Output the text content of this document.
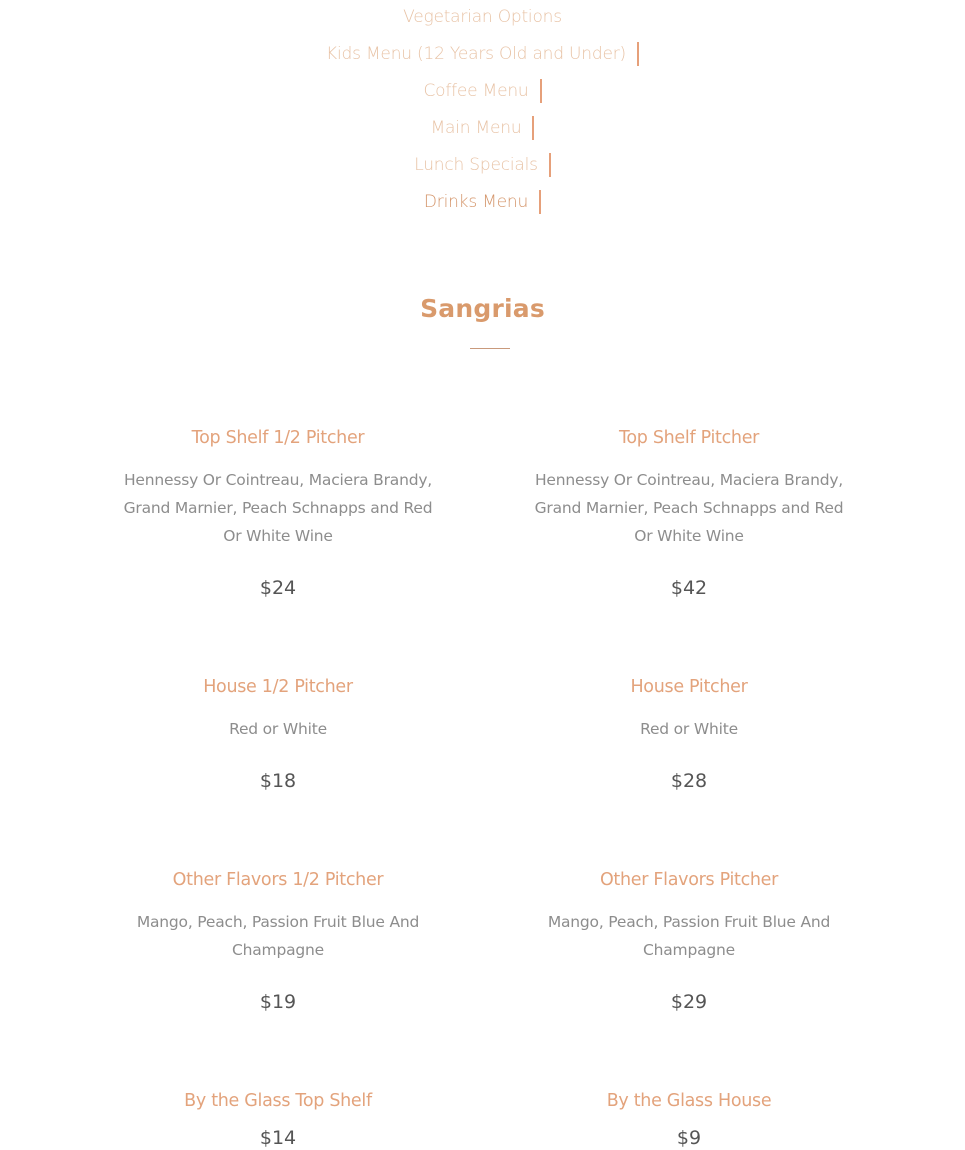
Vegetarian Options
Kids Menu (12 Years Old and Under)
Coffee Menu
Main Menu
Lunch Specials
Drinks Menu
Sangrias
Top Shelf 1/2 Pitcher
Hennessy Or Cointreau, Maciera Brandy, Grand Marnier, Peach Schnapps and Red Or White Wine
$24
Top Shelf Pitcher
Hennessy Or Cointreau, Maciera Brandy, Grand Marnier, Peach Schnapps and Red Or White Wine
$42
House 1/2 Pitcher
Red or White
$18
House Pitcher
Red or White
$28
Other Flavors 1/2 Pitcher
Mango, Peach, Passion Fruit Blue And Champagne
$19
Other Flavors Pitcher
Mango, Peach, Passion Fruit Blue And Champagne
$29
By the Glass Top Shelf
$14
By the Glass House
$9
